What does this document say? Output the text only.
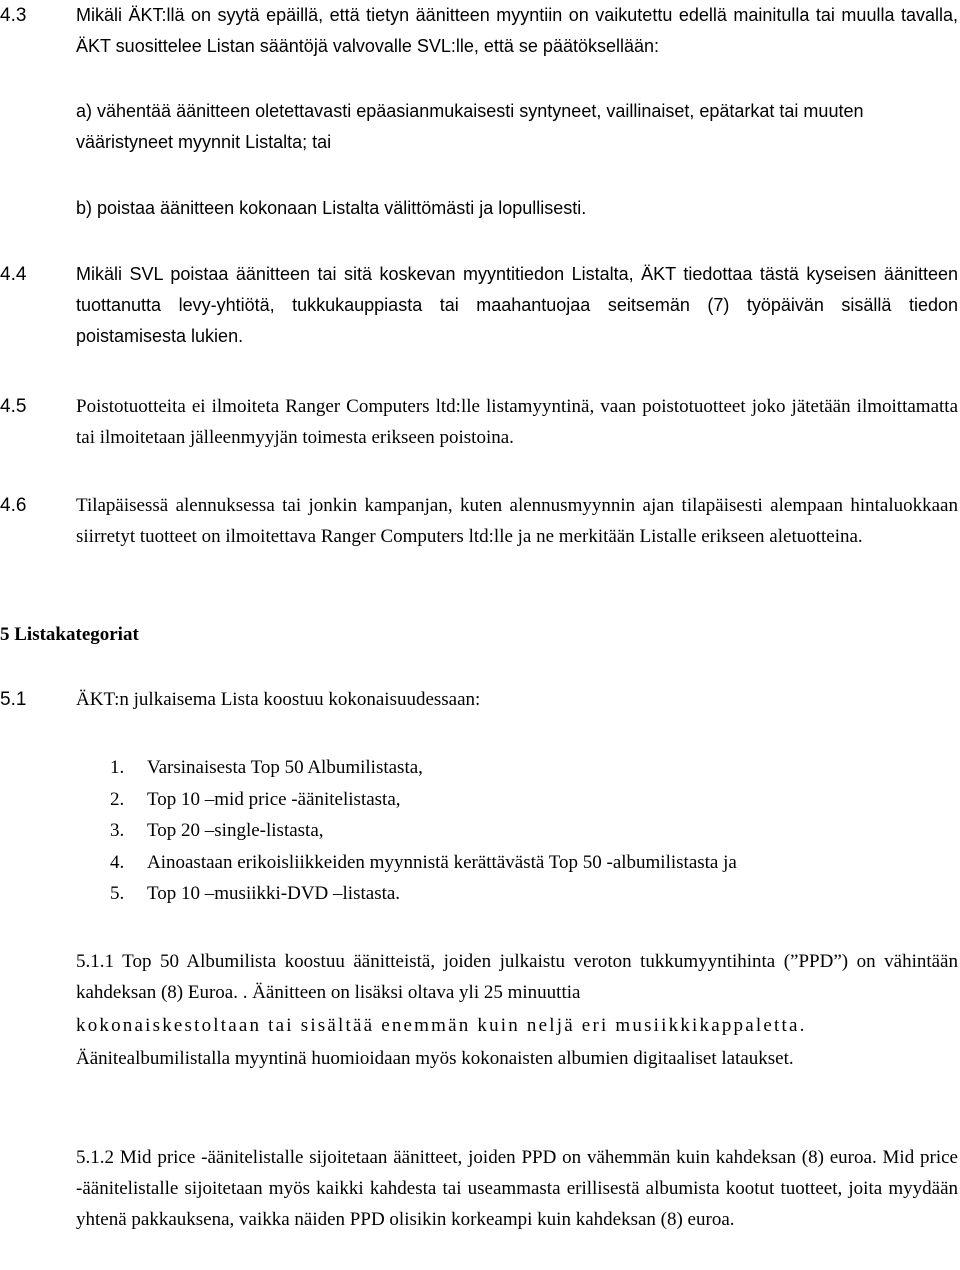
4.3	Mikäli ÄKT:llä on syytä epäillä, että tietyn äänitteen myyntiin on vaikutettu edellä mainitulla tai muulla tavalla, ÄKT suosittelee Listan sääntöjä valvovalle SVL:lle, että se päätöksellään:
a) vähentää äänitteen oletettavasti epäasianmukaisesti syntyneet, vaillinaiset, epätarkat tai muuten vääristyneet myynnit Listalta; tai
b) poistaa äänitteen kokonaan Listalta välittömästi ja lopullisesti.
4.4	Mikäli SVL poistaa äänitteen tai sitä koskevan myyntitiedon Listalta, ÄKT tiedottaa tästä kyseisen äänitteen tuottanutta levy-yhtiötä, tukkukauppiasta tai maahantuojaa seitsemän (7) työpäivän sisällä tiedon poistamisesta lukien.
4.5	Poistotuotteita ei ilmoiteta Ranger Computers ltd:lle listamyyntinä, vaan poistotuotteet joko jätetään ilmoittamatta tai ilmoitetaan jälleenmyyjän toimesta erikseen poistoina.
4.6	Tilapäisessä alennuksessa tai jonkin kampanjan, kuten alennusmyynnin ajan tilapäisesti alempaan hintaluokkaan siirretyt tuotteet on ilmoitettava Ranger Computers ltd:lle ja ne merkitään Listalle erikseen aletuotteina.
5 Listakategoriat
5.1	ÄKT:n julkaisema Lista koostuu kokonaisuudessaan:
1. Varsinaisesta Top 50 Albumilistasta,
2. Top 10 –mid price -äänitelistasta,
3. Top 20 –single-listasta,
4. Ainoastaan erikoisliikkeiden myynnistä kerättävästä Top 50 -albumilistasta ja
5. Top 10 –musiikki-DVD –listasta.
5.1.1 Top 50 Albumilista koostuu äänitteistä, joiden julkaistu veroton tukkumyyntihinta (”PPD”) on vähintään kahdeksan (8) Euroa. . Äänitteen on lisäksi oltava yli 25 minuuttia
kokonaiskestoltaan tai sisältää enemmän kuin neljä eri musiikkikappaletta.
Äänitealbumilistalla myyntinä huomioidaan myös kokonaisten albumien digitaaliset lataukset.
5.1.2 Mid price -äänitelistalle sijoitetaan äänitteet, joiden PPD on vähemmän kuin kahdeksan (8) euroa. Mid price -äänitelistalle sijoitetaan myös kaikki kahdesta tai useammasta erillisestä albumista kootut tuotteet, joita myydään yhtenä pakkauksena, vaikka näiden PPD olisikin korkeampi kuin kahdeksan (8) euroa.
